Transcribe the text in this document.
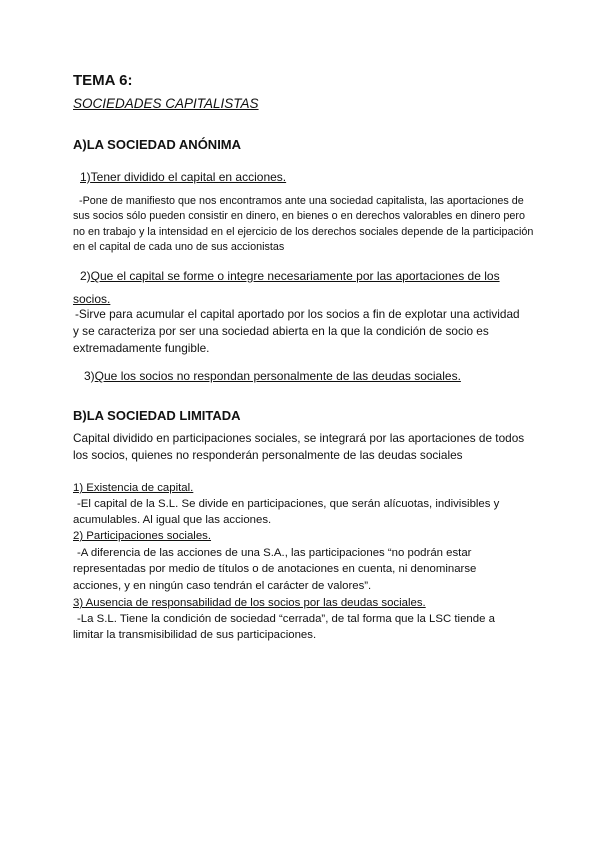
TEMA 6:
SOCIEDADES CAPITALISTAS
A)LA SOCIEDAD ANÓNIMA
1)Tener dividido el capital en acciones.

-Pone de manifiesto que nos encontramos ante una sociedad capitalista, las aportaciones de sus socios sólo pueden consistir en dinero, en bienes o en derechos valorables en dinero pero no en trabajo y la intensidad en el ejercicio de los derechos sociales depende de la participación en el capital de cada uno de sus accionistas

2)Que el capital se forme o integre necesariamente por las aportaciones de los socios.

-Sirve para acumular el capital aportado por los socios a fin de explotar una actividad y se caracteriza por ser una sociedad abierta en la que la condición de socio es extremadamente fungible.

3)Que los socios no respondan personalmente de las deudas sociales.
B)LA SOCIEDAD LIMITADA

Capital dividido en participaciones sociales, se integrará por las aportaciones de todos los socios, quienes no responderán personalmente de las deudas sociales

1) Existencia de capital.

-El capital de la S.L. Se divide en participaciones, que serán alícuotas, indivisibles y acumulables. Al igual que las acciones.

2) Participaciones sociales.

-A diferencia de las acciones de una S.A., las participaciones “no podrán estar representadas por medio de títulos o de anotaciones en cuenta, ni denominarse acciones, y en ningún caso tendrán el carácter de valores”.

3) Ausencia de responsabilidad de los socios por las deudas sociales.

-La S.L. Tiene la condición de sociedad “cerrada”, de tal forma que la LSC tiende a limitar la transmisibilidad de sus participaciones.
